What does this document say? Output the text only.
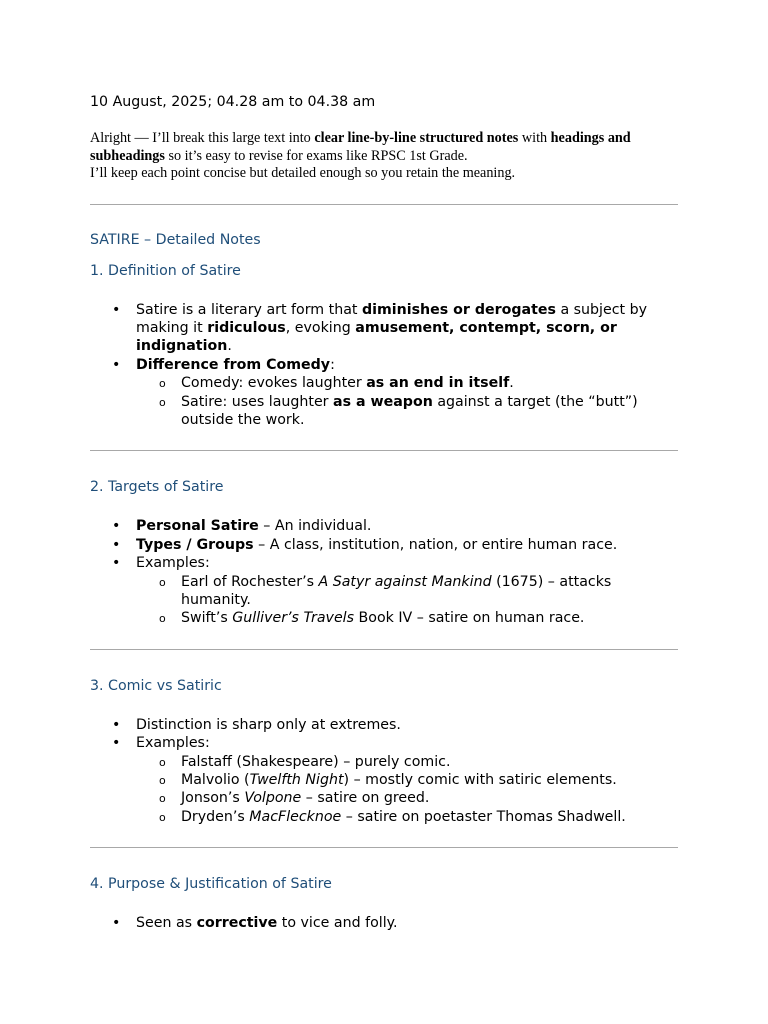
10 August, 2025; 04.28 am to 04.38 am

Alright — I’ll break this large text into clear line-by-line structured notes with headings and subheadings so it’s easy to revise for exams like RPSC 1st Grade.

I’ll keep each point concise but detailed enough so you retain the meaning.

SATIRE – Detailed Notes
1. Definition of Satire
• Satire is a literary art form that diminishes or derogates a subject by making it ridiculous, evoking amusement, contempt, scorn, or indignation.
• Difference from Comedy:
o Comedy: evokes laughter as an end in itself.
o Satire: uses laughter as a weapon against a target (the “butt”) outside the work.
2. Targets of Satire
• Personal Satire – An individual.
• Types / Groups – A class, institution, nation, or entire human race.
• Examples:
o Earl of Rochester’s A Satyr against Mankind (1675) – attacks humanity.
o Swift’s Gulliver’s Travels Book IV – satire on human race.
3. Comic vs Satiric
• Distinction is sharp only at extremes.
• Examples:
o Falstaff (Shakespeare) – purely comic.
o Malvolio (Twelfth Night) – mostly comic with satiric elements.
o Jonson’s Volpone – satire on greed.
o Dryden’s MacFlecknoe – satire on poetaster Thomas Shadwell.
4. Purpose & Justification of Satire
• Seen as corrective to vice and folly.
